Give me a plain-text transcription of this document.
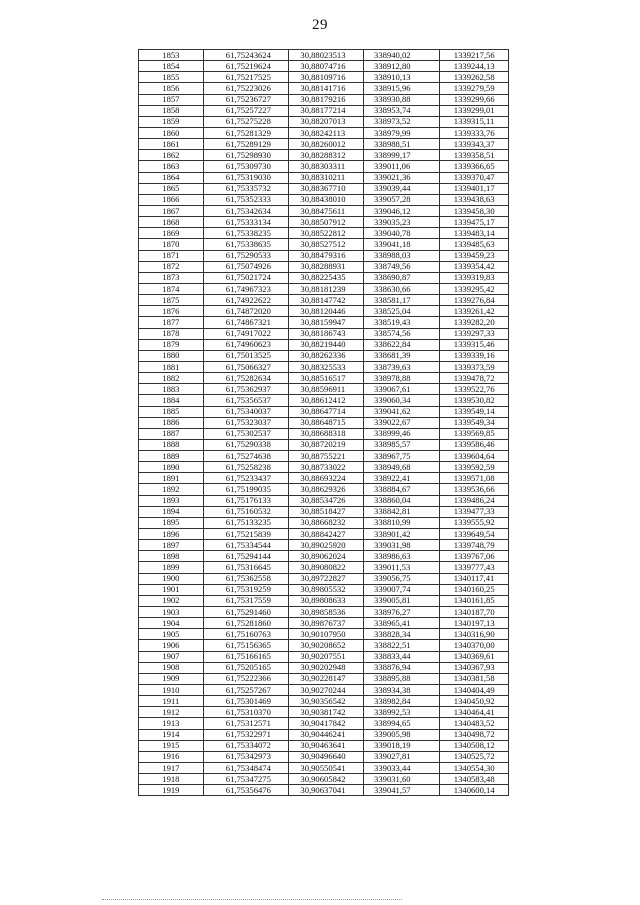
29
1853	61,75243624	30,88023513	338940,02	1339217,56
1854	61,75219624	30,88074716	338912,80	1339244,13
1855	61,75217525	30,88109716	338910,13	1339262,58
1856	61,75223026	30,88141716	338915,96	1339279,59
1857	61,75236727	30,88179216	338930,88	1339299,66
1858	61,75257227	30,88177214	338953,74	1339299,01
1859	61,75275228	30,88207013	338973,52	1339315,11
1860	61,75281329	30,88242113	338979,99	1339333,76
1861	61,75289129	30,88260012	338988,51	1339343,37
1862	61,75298930	30,88288312	338999,17	1339358,51
1863	61,75309730	30,88303311	339011,06	1339366,65
1864	61,75319030	30,88310211	339021,36	1339370,47
1865	61,75335732	30,88367710	339039,44	1339401,17
1866	61,75352333	30,88438010	339057,28	1339438,63
1867	61,75342634	30,88475611	339046,12	1339458,30
1868	61,75333134	30,88507912	339035,23	1339475,17
1869	61,75338235	30,88522812	339040,78	1339483,14
1870	61,75338635	30,88527512	339041,18	1339485,63
1871	61,75290533	30,88479316	338988,03	1339459,23
1872	61,75074926	30,88288931	338749,56	1339354,42
1873	61,75021724	30,88225435	338690,87	1339319,83
1874	61,74967323	30,88181239	338630,66	1339295,42
1875	61,74922622	30,88147742	338581,17	1339276,84
1876	61,74872020	30,88120446	338525,04	1339261,42
1877	61,74867321	30,88159947	338519,43	1339282,20
1878	61,74917022	30,88186743	338574,56	1339297,33
1879	61,74960623	30,88219440	338622,84	1339315,46
1880	61,75013525	30,88262336	338681,39	1339339,16
1881	61,75066327	30,88325533	338739,63	1339373,59
1882	61,75282634	30,88516517	338978,88	1339478,72
1883	61,75362937	30,88596911	339067,61	1339522,76
1884	61,75356537	30,88612412	339060,34	1339530,82
1885	61,75340037	30,88647714	339041,62	1339549,14
1886	61,75323037	30,88648715	339022,67	1339549,34
1887	61,75302537	30,88688318	338999,46	1339569,85
1888	61,75290338	30,88720219	338985,57	1339586,46
1889	61,75274638	30,88755221	338967,75	1339604,64
1890	61,75258238	30,88733022	338949,68	1339592,59
1891	61,75233437	30,88693224	338922,41	1339571,08
1892	61,75199035	30,88629326	338884,67	1339536,66
1893	61,75176133	30,88534726	338860,04	1339486,24
1894	61,75160532	30,88518427	338842,81	1339477,33
1895	61,75133235	30,88668232	338810,99	1339555,92
1896	61,75215839	30,88842427	338901,42	1339649,54
1897	61,75334544	30,89025920	339031,98	1339748,79
1898	61,75294144	30,89062024	338986,63	1339767,06
1899	61,75316645	30,89080822	339011,53	1339777,43
1900	61,75362558	30,89722827	339056,75	1340117,41
1901	61,75319259	30,89805532	339007,74	1340160,25
1902	61,75317559	30,89808633	339005,81	1340161,85
1903	61,75291460	30,89858536	338976,27	1340187,70
1904	61,75281860	30,89876737	338965,41	1340197,13
1905	61,75160763	30,90107950	338828,34	1340316,90
1906	61,75156365	30,90208652	338822,51	1340370,00
1907	61,75166165	30,90207551	338833,44	1340369,61
1908	61,75205165	30,90202948	338876,94	1340367,93
1909	61,75222366	30,90228147	338895,88	1340381,58
1910	61,75257267	30,90270244	338934,38	1340404,49
1911	61,75301469	30,90356542	338982,84	1340450,92
1912	61,75310370	30,90381742	338992,53	1340464,41
1913	61,75312571	30,90417842	338994,65	1340483,52
1914	61,75322971	30,90446241	339005,98	1340498,72
1915	61,75334072	30,90463641	339018,19	1340508,12
1916	61,75342973	30,90496640	339027,81	1340525,72
1917	61,75348474	30,90550541	339033,44	1340554,30
1918	61,75347275	30,90605842	339031,60	1340583,48
1919	61,75356476	30,90637041	339041,57	1340600,14
